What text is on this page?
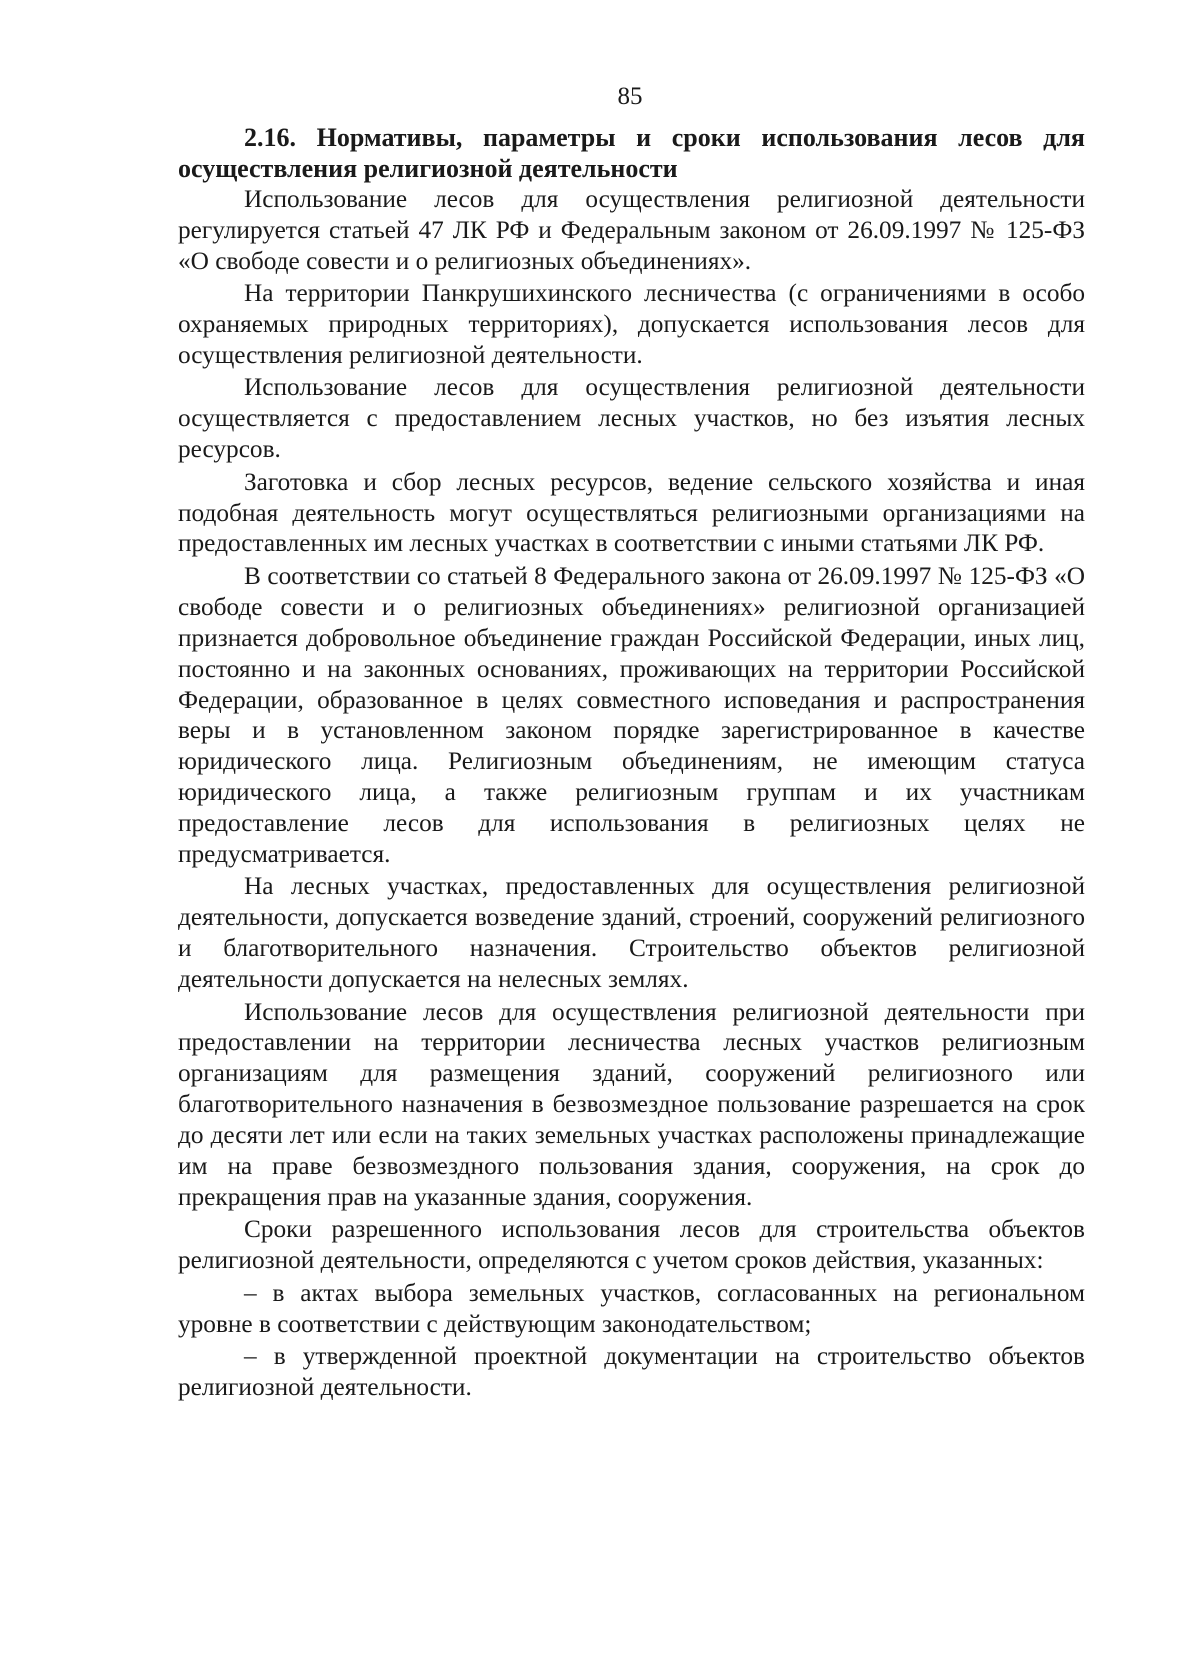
85

2.16. Нормативы, параметры и сроки использования лесов для осуществления религиозной деятельности

Использование лесов для осуществления религиозной деятельности регулируется статьей 47 ЛК РФ и Федеральным законом от 26.09.1997 № 125-ФЗ «О свободе совести и о религиозных объединениях».

На территории Панкрушихинского лесничества (с ограничениями в особо охраняемых природных территориях), допускается использования лесов для осуществления религиозной деятельности.

Использование лесов для осуществления религиозной деятельности осуществляется с предоставлением лесных участков, но без изъятия лесных ресурсов.

Заготовка и сбор лесных ресурсов, ведение сельского хозяйства и иная подобная деятельность могут осуществляться религиозными организациями на предоставленных им лесных участках в соответствии с иными статьями ЛК РФ.

В соответствии со статьей 8 Федерального закона от 26.09.1997 № 125-ФЗ «О свободе совести и о религиозных объединениях» религиозной организацией признается добровольное объединение граждан Российской Федерации, иных лиц, постоянно и на законных основаниях, проживающих на территории Российской Федерации, образованное в целях совместного исповедания и распространения веры и в установленном законом порядке зарегистрированное в качестве юридического лица. Религиозным объединениям, не имеющим статуса юридического лица, а также религиозным группам и их участникам предоставление лесов для использования в религиозных целях не предусматривается.

На лесных участках, предоставленных для осуществления религиозной деятельности, допускается возведение зданий, строений, сооружений религиозного и благотворительного назначения. Строительство объектов религиозной деятельности допускается на нелесных землях.

Использование лесов для осуществления религиозной деятельности при предоставлении на территории лесничества лесных участков религиозным организациям для размещения зданий, сооружений религиозного или благотворительного назначения в безвозмездное пользование разрешается на срок до десяти лет или если на таких земельных участках расположены принадлежащие им на праве безвозмездного пользования здания, сооружения, на срок до прекращения прав на указанные здания, сооружения.

Сроки разрешенного использования лесов для строительства объектов религиозной деятельности, определяются с учетом сроков действия, указанных:

– в актах выбора земельных участков, согласованных на региональном уровне в соответствии с действующим законодательством;

– в утвержденной проектной документации на строительство объектов религиозной деятельности.
